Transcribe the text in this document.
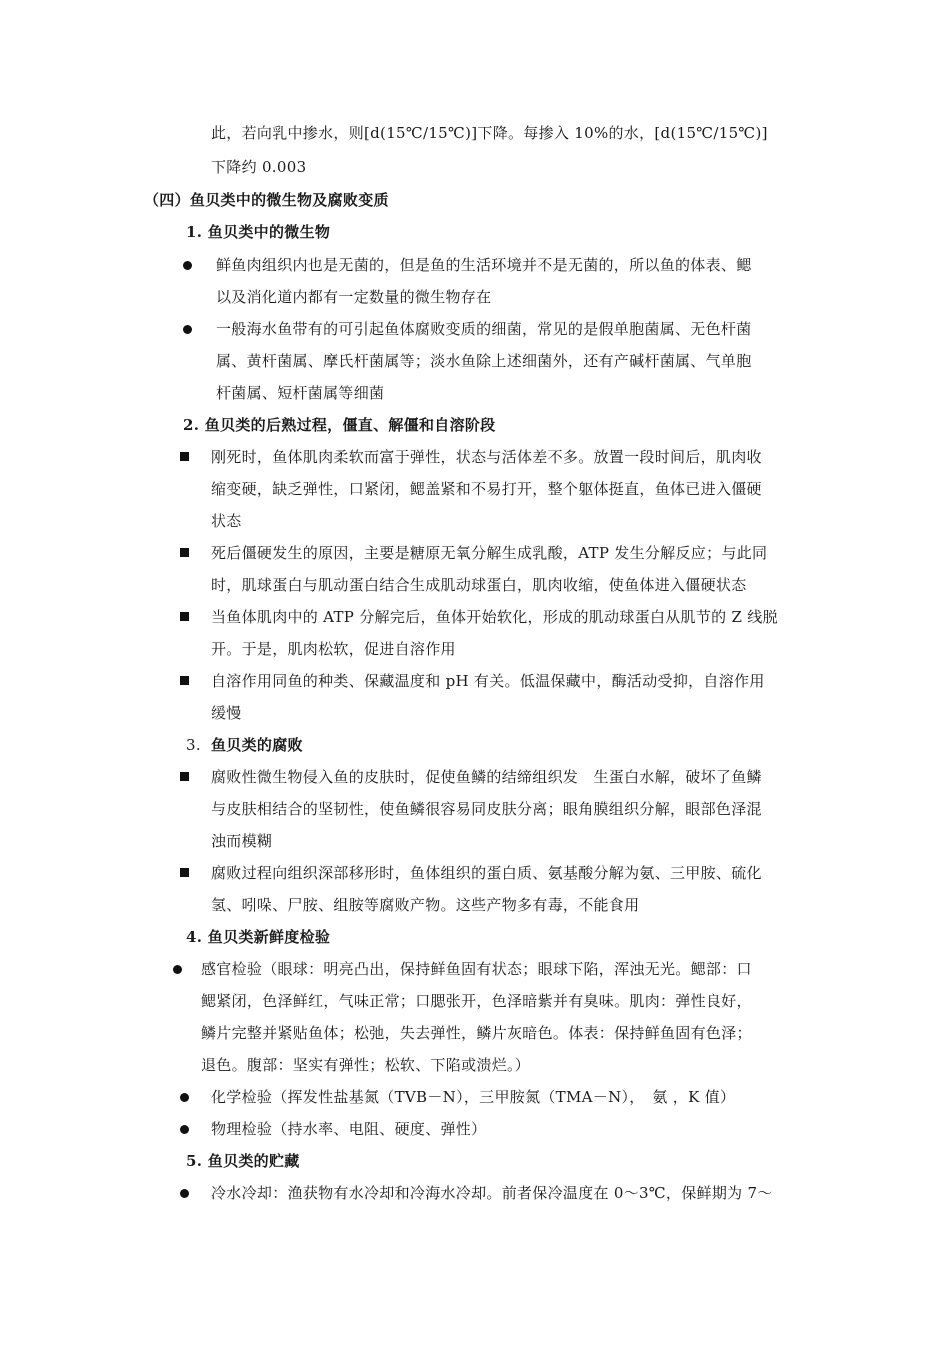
此，若向乳中掺水，则[d(15℃/15℃)]下降。每掺入 10%的水，[d(15℃/15℃)]
下降约 0.003
（四）鱼贝类中的微生物及腐败变质
1. 鱼贝类中的微生物
鲜鱼肉组织内也是无菌的，但是鱼的生活环境并不是无菌的，所以鱼的体表、鳃
以及消化道内都有一定数量的微生物存在
一般海水鱼带有的可引起鱼体腐败变质的细菌，常见的是假单胞菌属、无色杆菌
属、黄杆菌属、摩氏杆菌属等；淡水鱼除上述细菌外，还有产碱杆菌属、气单胞
杆菌属、短杆菌属等细菌
2. 鱼贝类的后熟过程，僵直、解僵和自溶阶段
刚死时，鱼体肌肉柔软而富于弹性，状态与活体差不多。放置一段时间后，肌肉收
缩变硬，缺乏弹性，口紧闭，鳃盖紧和不易打开，整个躯体挺直，鱼体已进入僵硬
状态
死后僵硬发生的原因，主要是糖原无氧分解生成乳酸，ATP 发生分解反应；与此同
时，肌球蛋白与肌动蛋白结合生成肌动球蛋白，肌肉收缩，使鱼体进入僵硬状态
当鱼体肌肉中的 ATP 分解完后，鱼体开始软化，形成的肌动球蛋白从肌节的 Z 线脱
开。于是，肌肉松软，促进自溶作用
自溶作用同鱼的种类、保藏温度和 pH 有关。低温保藏中，酶活动受抑，自溶作用
缓慢
3. 鱼贝类的腐败
腐败性微生物侵入鱼的皮肤时，促使鱼鳞的结缔组织发　生蛋白水解，破坏了鱼鳞
与皮肤相结合的坚韧性，使鱼鳞很容易同皮肤分离；眼角膜组织分解，眼部色泽混
浊而模糊
腐败过程向组织深部移形时，鱼体组织的蛋白质、氨基酸分解为氨、三甲胺、硫化
氢、吲哚、尸胺、组胺等腐败产物。这些产物多有毒，不能食用
4. 鱼贝类新鲜度检验
感官检验（眼球：明亮凸出，保持鲜鱼固有状态；眼球下陷，浑浊无光。鳃部：口
鳃紧闭，色泽鲜红，气味正常；口腮张开，色泽暗紫并有臭味。肌肉：弹性良好，
鳞片完整并紧贴鱼体；松弛，失去弹性，鳞片灰暗色。体表：保持鲜鱼固有色泽；
退色。腹部：坚实有弹性；松软、下陷或溃烂。）
化学检验（挥发性盐基氮（TVB－N），三甲胺氮（TMA－N），　氨 ，K 值）
物理检验（持水率、电阻、硬度、弹性）
5. 鱼贝类的贮藏
冷水冷却：渔获物有水冷却和冷海水冷却。前者保冷温度在 0～3℃，保鲜期为 7～
